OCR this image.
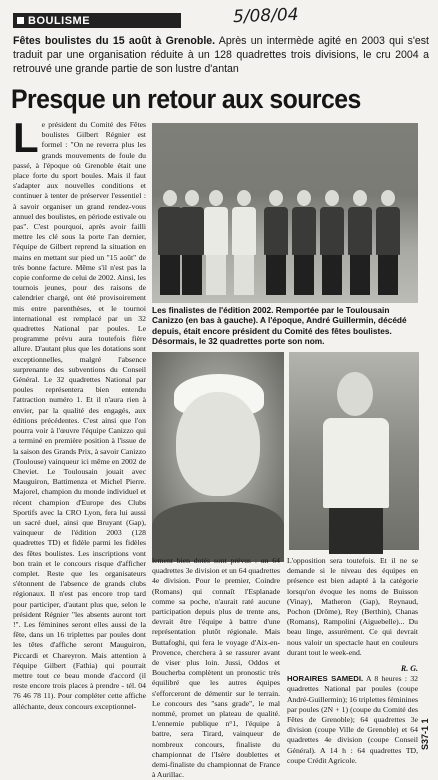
BOULISME	5/08/04
Fêtes boulistes du 15 août à Grenoble. Après un intermède agité en 2003 qui s'est traduit par une organisation réduite à un 128 quadrettes trois divisions, le cru 2004 a retrouvé une grande partie de son lustre d'antan
Presque un retour aux sources
Le président du Comité des Fêtes boulistes Gilbert Régnier est formel : "On ne reverra plus les grands mouvements de foule du passé, à l'époque où Grenoble était une place forte du sport boules. Mais il faut s'adapter aux nouvelles conditions et continuer à tenter de préserver l'essentiel : à savoir organiser un grand rendez-vous annuel des boulistes, en période estivale ou pas". C'est pourquoi, après avoir failli mettre les clé sous la porte l'an dernier, l'équipe de Gilbert reprend la situation en mains en mettant sur pied un "15 août" de très bonne facture. Même s'il n'est pas la copie conforme de celui de 2002. Ainsi, les tournois jeunes, pour des raisons de calendrier chargé, ont été provisoirement mis entre parenthèses, et le tournoi international est remplacé par un 32 quadrettes National par poules. Le programme prévu aura toutefois fière allure. D'autant plus que les dotations sont exceptionnelles, malgré l'absence surprenante des subventions du Conseil Général. Le 32 quadrettes National par poules représentera bien entendu l'attraction numéro 1. Et il n'aura rien à envier, par la qualité des engagés, aux éditions précédentes. C'est ainsi que l'on pourra voir à l'œuvre l'équipe Canizzo qui a terminé en première position à l'issue de la saison des Grands Prix, à savoir Canizzo (Toulouse) vainqueur ici même en 2002 de Cheviet. Le Toulousain jouait avec Mauguiron, Battimenza et Michel Pierre. Majorel, champion du monde individuel et récent champion d'Europe des Clubs Sportifs avec la CRO Lyon, fera lui aussi un sacré duel, ainsi que Bruyant (Gap), vainqueur de l'édition 2003 (128 quadrettes TD) et fidèle parmi les fidèles des fêtes boulistes. Les inscriptions vont bon train et le concours risque d'afficher complet. Reste que les organisateurs s'étonnent de l'absence de grands clubs régionaux. Il n'est pas encore trop tard pour participer, d'autant plus que, selon le président Régnier "les absents auront tort !". Les féminines seront elles aussi de la fête, dans un 16 triplettes par poules dont les têtes d'affiche seront Mauguiron, Piccardi et Chareyron. Mais attention à l'équipe Gilbert (Fathia) qui pourrait mettre tout ce beau monde d'accord (il reste encore trois places à prendre - tél. 04 76 46 78 11). Pour compléter cette affiche alléchante, deux concours exceptionnel-
Les finalistes de l'édition 2002. Remportée par le Toulousain Canizzo (en bas à gauche). A l'époque, André Guillermin, décédé depuis, était encore président du Comité des fêtes boulistes. Désormais, le 32 quadrettes porte son nom.
lement bien dotés sont prévus : un 64 quadrettes 3e division et un 64 quadrettes 4e division. Pour le premier, Coindre (Romans) qui connaît l'Esplanade comme sa poche, n'aurait raté aucune participation depuis plus de trente ans, devrait être l'équipe à battre d'une représentation plutôt régionale. Mais Buttafoghi, qui fera le voyage d'Aix-en-Provence, cherchera à se rassurer avant de viser plus loin. Jussi, Oddos et Boucherba complètent un pronostic très équilibré que les autres équipes s'efforceront de démentir sur le terrain. Le concours des "sans grade", le mal nommé, promet un plateau de qualité. L'ennemie publique n°1, l'équipe à battre, sera Tirard, vainqueur de nombreux concours, finaliste du championnat de l'Isère doublettes et demi-finaliste du championnat de France à Aurillac.
L'opposition sera toutefois. Et il ne se demande si le niveau des équipes en présence est bien adapté à la catégorie lorsqu'on évoque les noms de Buisson (Vinay), Matheron (Gap), Reynaud, Pochon (Drôme), Rey (Berthin), Chanas (Romans), Rampolini (Aiguebelle)... Du beau linge, assurément. Ce qui devrait nous valoir un spectacle haut en couleurs durant tout le week-end.
R. G.
HORAIRES SAMEDI. A 8 heures : 32 quadrettes National par poules (coupe André-Guillermin); 16 triplettes féminines par poules (2N + 1) (coupe du Comité des Fêtes de Grenoble); 64 quadrettes 3e division (coupe Ville de Grenoble) et 64 quadrettes 4e division (coupe Conseil Général). A 14 h : 64 quadrettes TD, coupe Crédit Agricole.
S37-1 1
